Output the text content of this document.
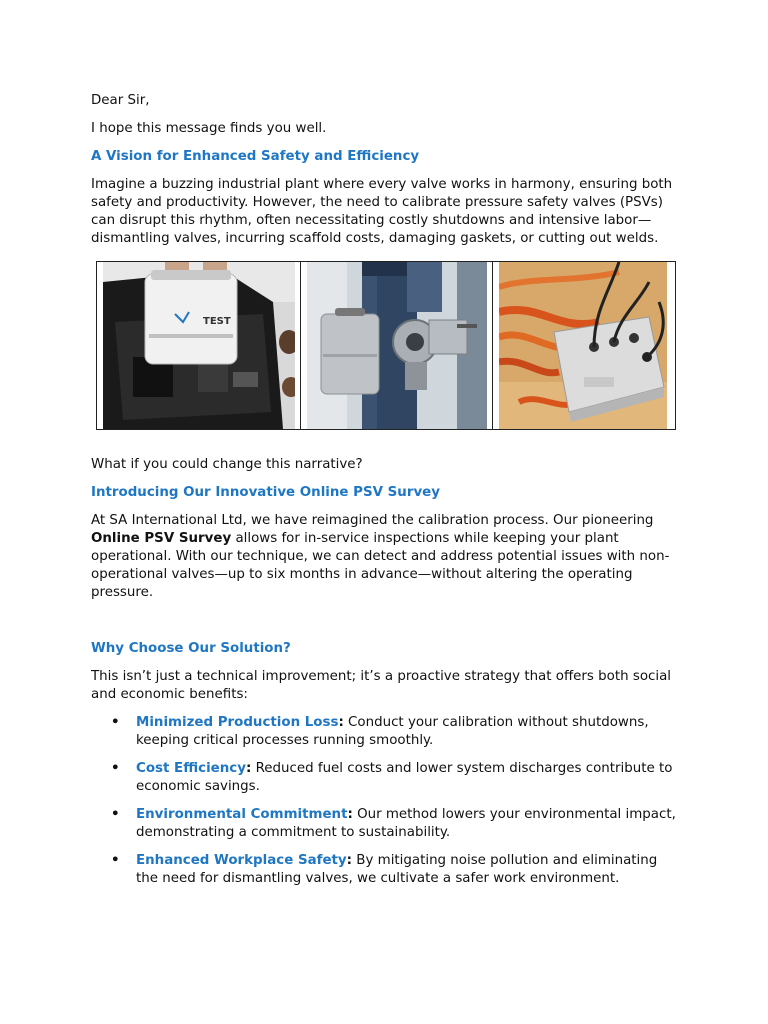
Dear Sir,

I hope this message finds you well.

A Vision for Enhanced Safety and Efficiency

Imagine a buzzing industrial plant where every valve works in harmony, ensuring both safety and productivity. However, the need to calibrate pressure safety valves (PSVs) can disrupt this rhythm, often necessitating costly shutdowns and intensive labor—dismantling valves, incurring scaffold costs, damaging gaskets, or cutting out welds.

TEST

What if you could change this narrative?

Introducing Our Innovative Online PSV Survey

At SA International Ltd, we have reimagined the calibration process. Our pioneering Online PSV Survey allows for in-service inspections while keeping your plant operational. With our technique, we can detect and address potential issues with non-operational valves—up to six months in advance—without altering the operating pressure.

Why Choose Our Solution?

This isn’t just a technical improvement; it’s a proactive strategy that offers both social and economic benefits:

• Minimized Production Loss: Conduct your calibration without shutdowns, keeping critical processes running smoothly.
• Cost Efficiency: Reduced fuel costs and lower system discharges contribute to economic savings.
• Environmental Commitment: Our method lowers your environmental impact, demonstrating a commitment to sustainability.
• Enhanced Workplace Safety: By mitigating noise pollution and eliminating the need for dismantling valves, we cultivate a safer work environment.
